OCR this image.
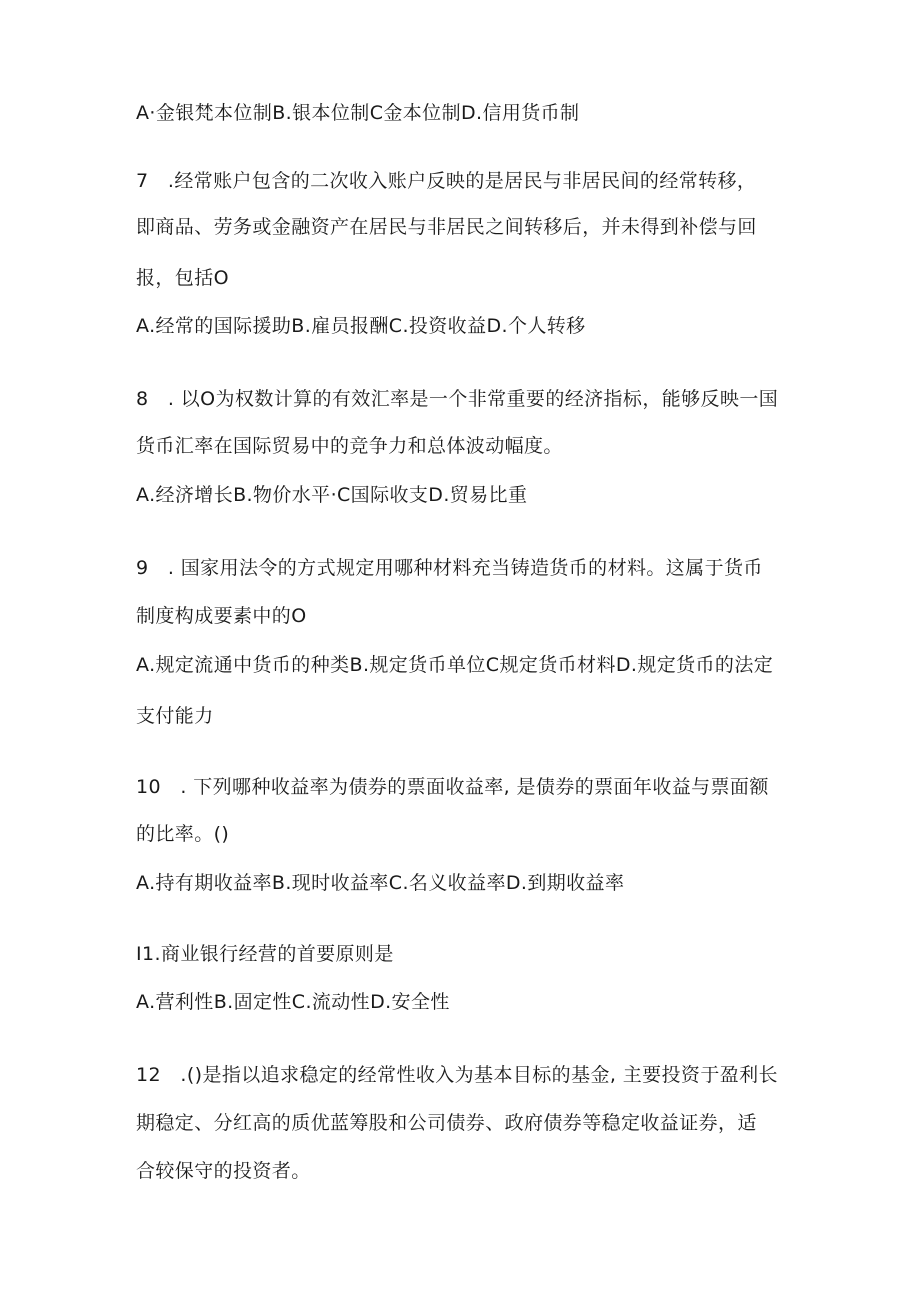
A·金银梵本位制B.银本位制C金本位制D.信用货币制
7　.经常账户包含的二次收入账户反映的是居民与非居民间的经常转移，
即商品、劳务或金融资产在居民与非居民之间转移后，并未得到补偿与回
报，包括O
A.经常的国际援助B.雇员报酬C.投资收益D.个人转移
8　. 以O为权数计算的有效汇率是一个非常重要的经济指标，能够反映一国
货币汇率在国际贸易中的竞争力和总体波动幅度。
A.经济增长B.物价水平·C国际收支D.贸易比重
9　. 国家用法令的方式规定用哪种材料充当铸造货币的材料。这属于货币
制度构成要素中的O
A.规定流通中货币的种类B.规定货币单位C规定货币材料D.规定货币的法定
支付能力
10　. 下列哪种收益率为债券的票面收益率, 是债券的票面年收益与票面额
的比率。()
A.持有期收益率B.现时收益率C.名义收益率D.到期收益率
I1.商业银行经营的首要原则是
A.营利性B.固定性C.流动性D.安全性
12　.()是指以追求稳定的经常性收入为基本目标的基金, 主要投资于盈利长
期稳定、分红高的质优蓝筹股和公司债券、政府债券等稳定收益证券，适
合较保守的投资者。
